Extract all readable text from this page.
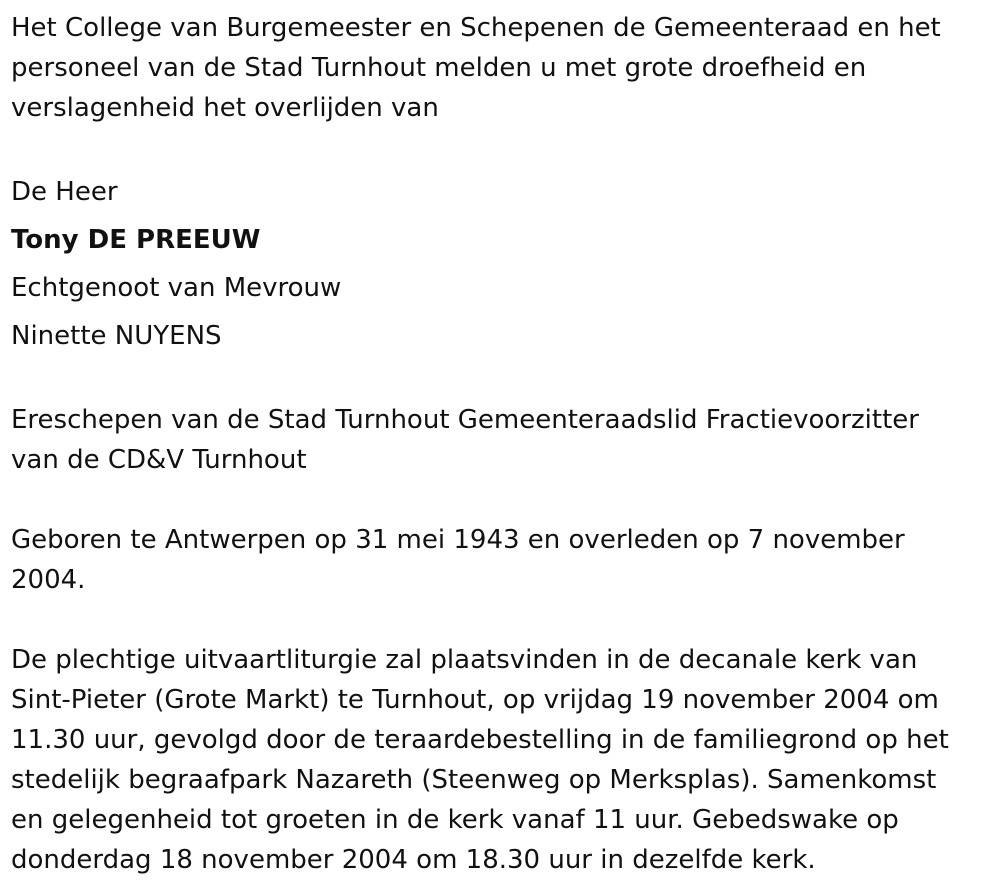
Het College van Burgemeester en Schepenen de Gemeenteraad en het
personeel van de Stad Turnhout melden u met grote droefheid en
verslagenheid het overlijden van

De Heer
Tony DE PREEUW
Echtgenoot van Mevrouw
Ninette NUYENS

Ereschepen van de Stad Turnhout Gemeenteraadslid Fractievoorzitter
van de CD&V Turnhout

Geboren te Antwerpen op 31 mei 1943 en overleden op 7 november
2004.

De plechtige uitvaartliturgie zal plaatsvinden in de decanale kerk van
Sint-Pieter (Grote Markt) te Turnhout, op vrijdag 19 november 2004 om
11.30 uur, gevolgd door de teraardebestelling in de familiegrond op het
stedelijk begraafpark Nazareth (Steenweg op Merksplas). Samenkomst
en gelegenheid tot groeten in de kerk vanaf 11 uur. Gebedswake op
donderdag 18 november 2004 om 18.30 uur in dezelfde kerk.
